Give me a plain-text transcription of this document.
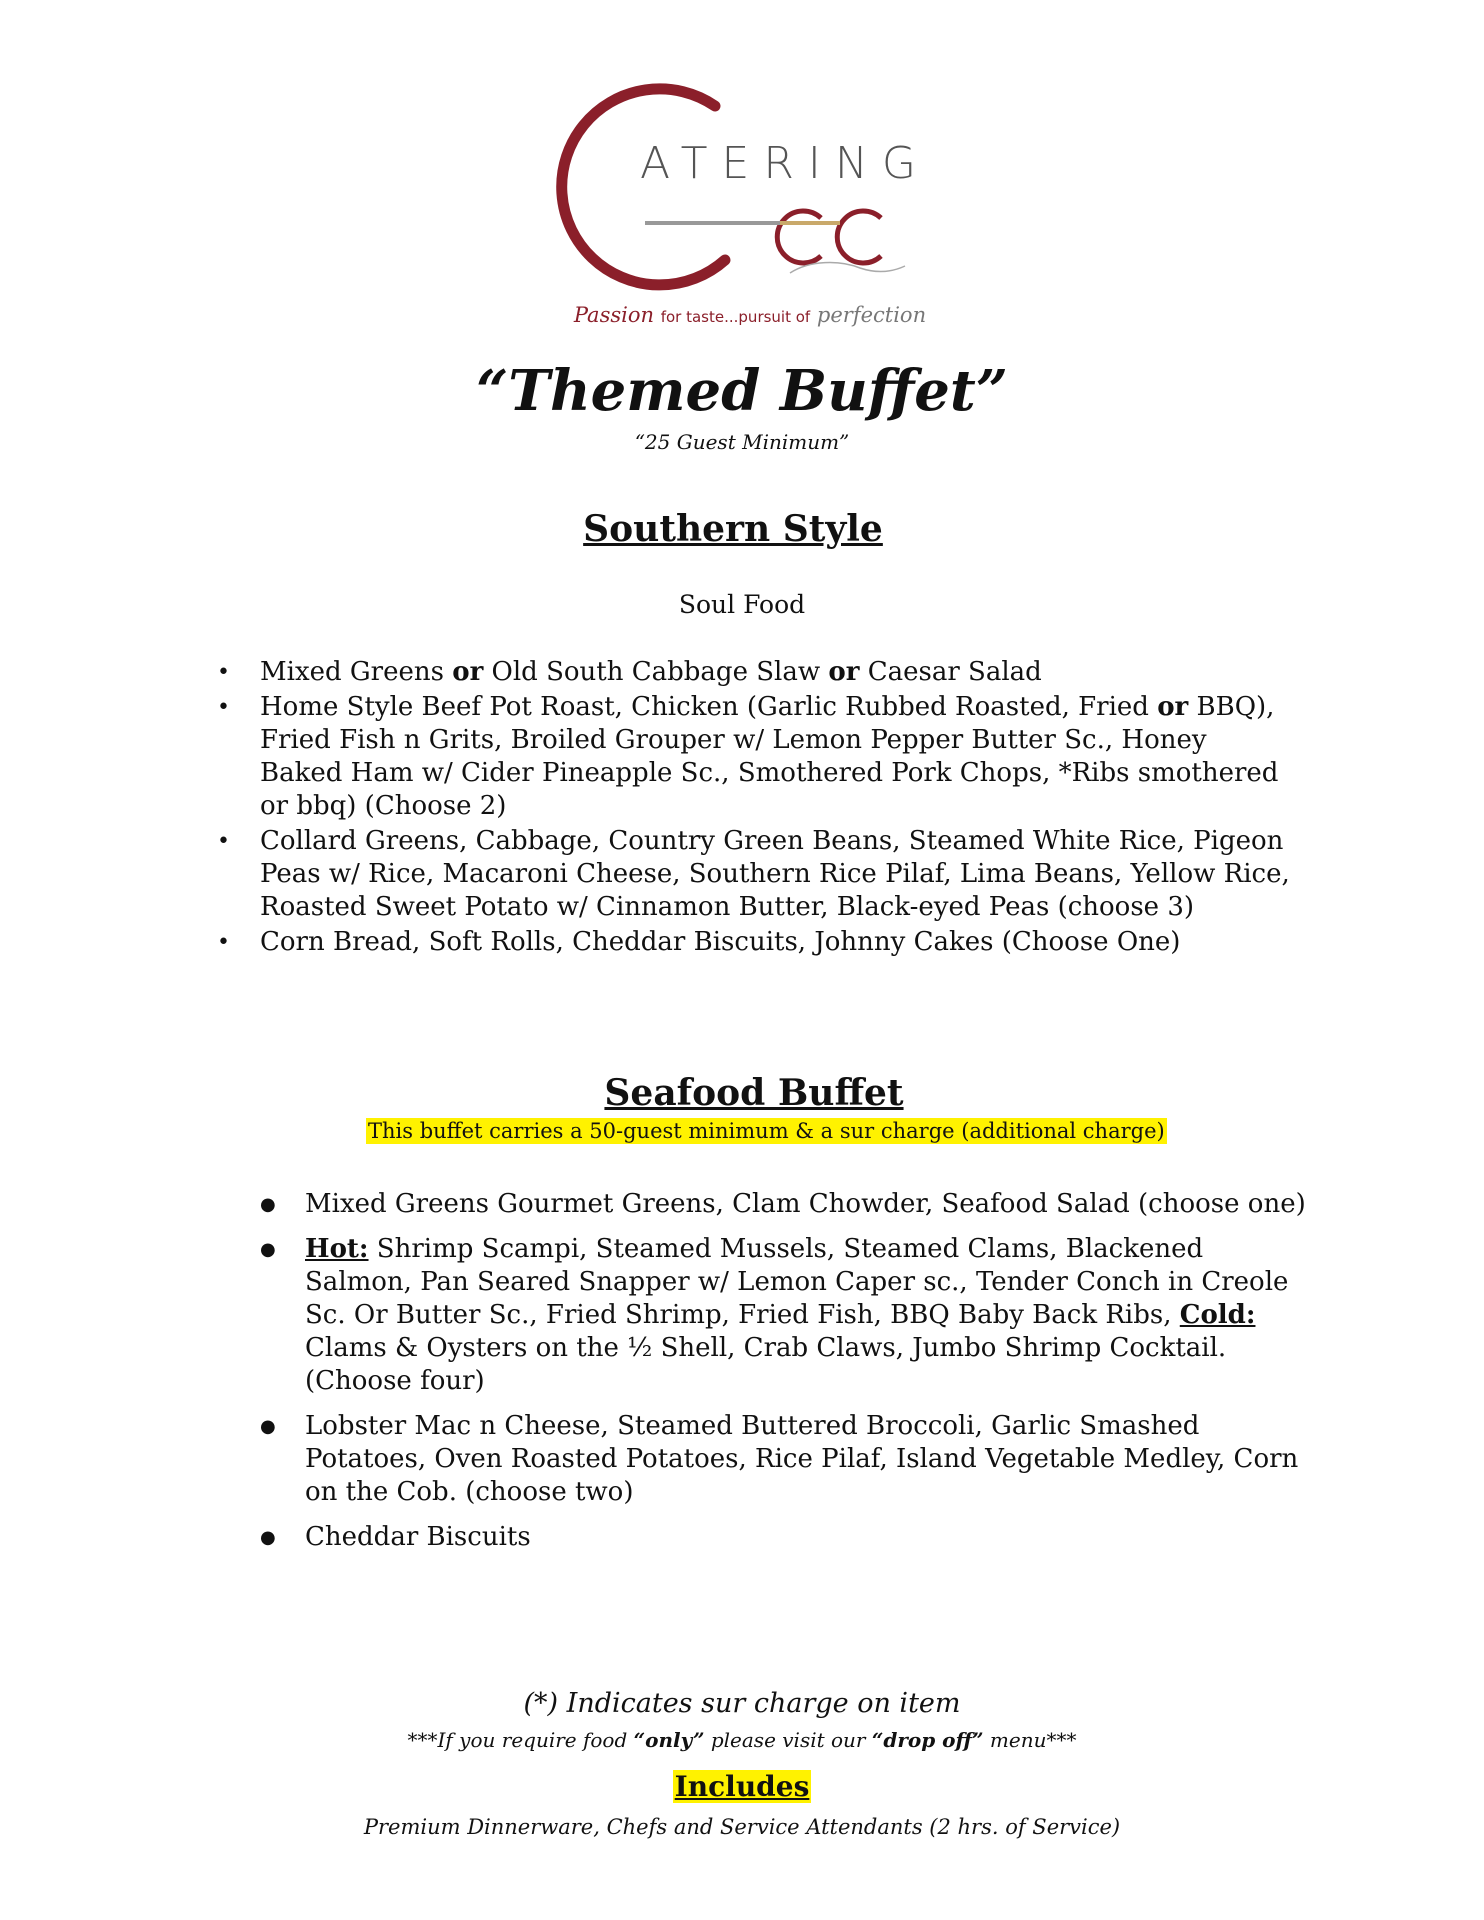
ATERING
Passion for taste...pursuit of perfection
“Themed Buffet”
“25 Guest Minimum”
Southern Style
Soul Food
• Mixed Greens or Old South Cabbage Slaw or Caesar Salad
• Home Style Beef Pot Roast, Chicken (Garlic Rubbed Roasted, Fried or BBQ), Fried Fish n Grits, Broiled Grouper w/ Lemon Pepper Butter Sc., Honey Baked Ham w/ Cider Pineapple Sc., Smothered Pork Chops, *Ribs smothered or bbq) (Choose 2)
• Collard Greens, Cabbage, Country Green Beans, Steamed White Rice, Pigeon Peas w/ Rice, Macaroni Cheese, Southern Rice Pilaf, Lima Beans, Yellow Rice, Roasted Sweet Potato w/ Cinnamon Butter, Black-eyed Peas (choose 3)
• Corn Bread, Soft Rolls, Cheddar Biscuits, Johnny Cakes (Choose One)
Seafood Buffet
This buffet carries a 50-guest minimum & a sur charge (additional charge)
● Mixed Greens Gourmet Greens, Clam Chowder, Seafood Salad (choose one)
● Hot: Shrimp Scampi, Steamed Mussels, Steamed Clams, Blackened Salmon, Pan Seared Snapper w/ Lemon Caper sc., Tender Conch in Creole Sc. Or Butter Sc., Fried Shrimp, Fried Fish, BBQ Baby Back Ribs, Cold: Clams & Oysters on the ½ Shell, Crab Claws, Jumbo Shrimp Cocktail. (Choose four)
● Lobster Mac n Cheese, Steamed Buttered Broccoli, Garlic Smashed Potatoes, Oven Roasted Potatoes, Rice Pilaf, Island Vegetable Medley, Corn on the Cob. (choose two)
● Cheddar Biscuits
(*) Indicates sur charge on item
***If you require food “only” please visit our “drop off” menu***
Includes
Premium Dinnerware, Chefs and Service Attendants (2 hrs. of Service)
